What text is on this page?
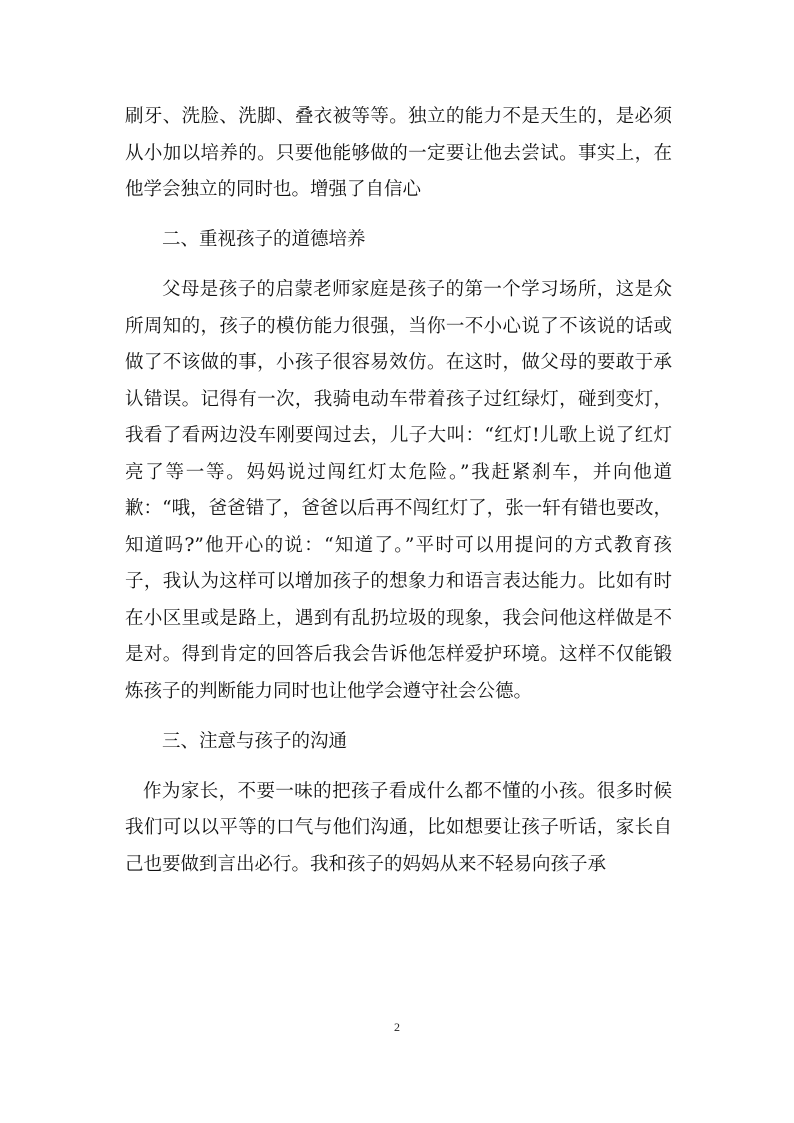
刷牙、洗脸、洗脚、叠衣被等等。独立的能力不是天生的，是必须从小加以培养的。只要他能够做的一定要让他去尝试。事实上，在他学会独立的同时也。增强了自信心

二、重视孩子的道德培养

父母是孩子的启蒙老师家庭是孩子的第一个学习场所，这是众所周知的，孩子的模仿能力很强，当你一不小心说了不该说的话或做了不该做的事，小孩子很容易效仿。在这时，做父母的要敢于承认错误。记得有一次，我骑电动车带着孩子过红绿灯，碰到变灯，我看了看两边没车刚要闯过去，儿子大叫：“红灯!儿歌上说了红灯亮了等一等。妈妈说过闯红灯太危险。”我赶紧刹车，并向他道歉：“哦，爸爸错了，爸爸以后再不闯红灯了，张一轩有错也要改，知道吗?”他开心的说：“知道了。”平时可以用提问的方式教育孩子，我认为这样可以增加孩子的想象力和语言表达能力。比如有时在小区里或是路上，遇到有乱扔垃圾的现象，我会问他这样做是不是对。得到肯定的回答后我会告诉他怎样爱护环境。这样不仅能锻炼孩子的判断能力同时也让他学会遵守社会公德。

三、注意与孩子的沟通

作为家长，不要一味的把孩子看成什么都不懂的小孩。很多时候我们可以以平等的口气与他们沟通，比如想要让孩子听话，家长自己也要做到言出必行。我和孩子的妈妈从来不轻易向孩子承

2
